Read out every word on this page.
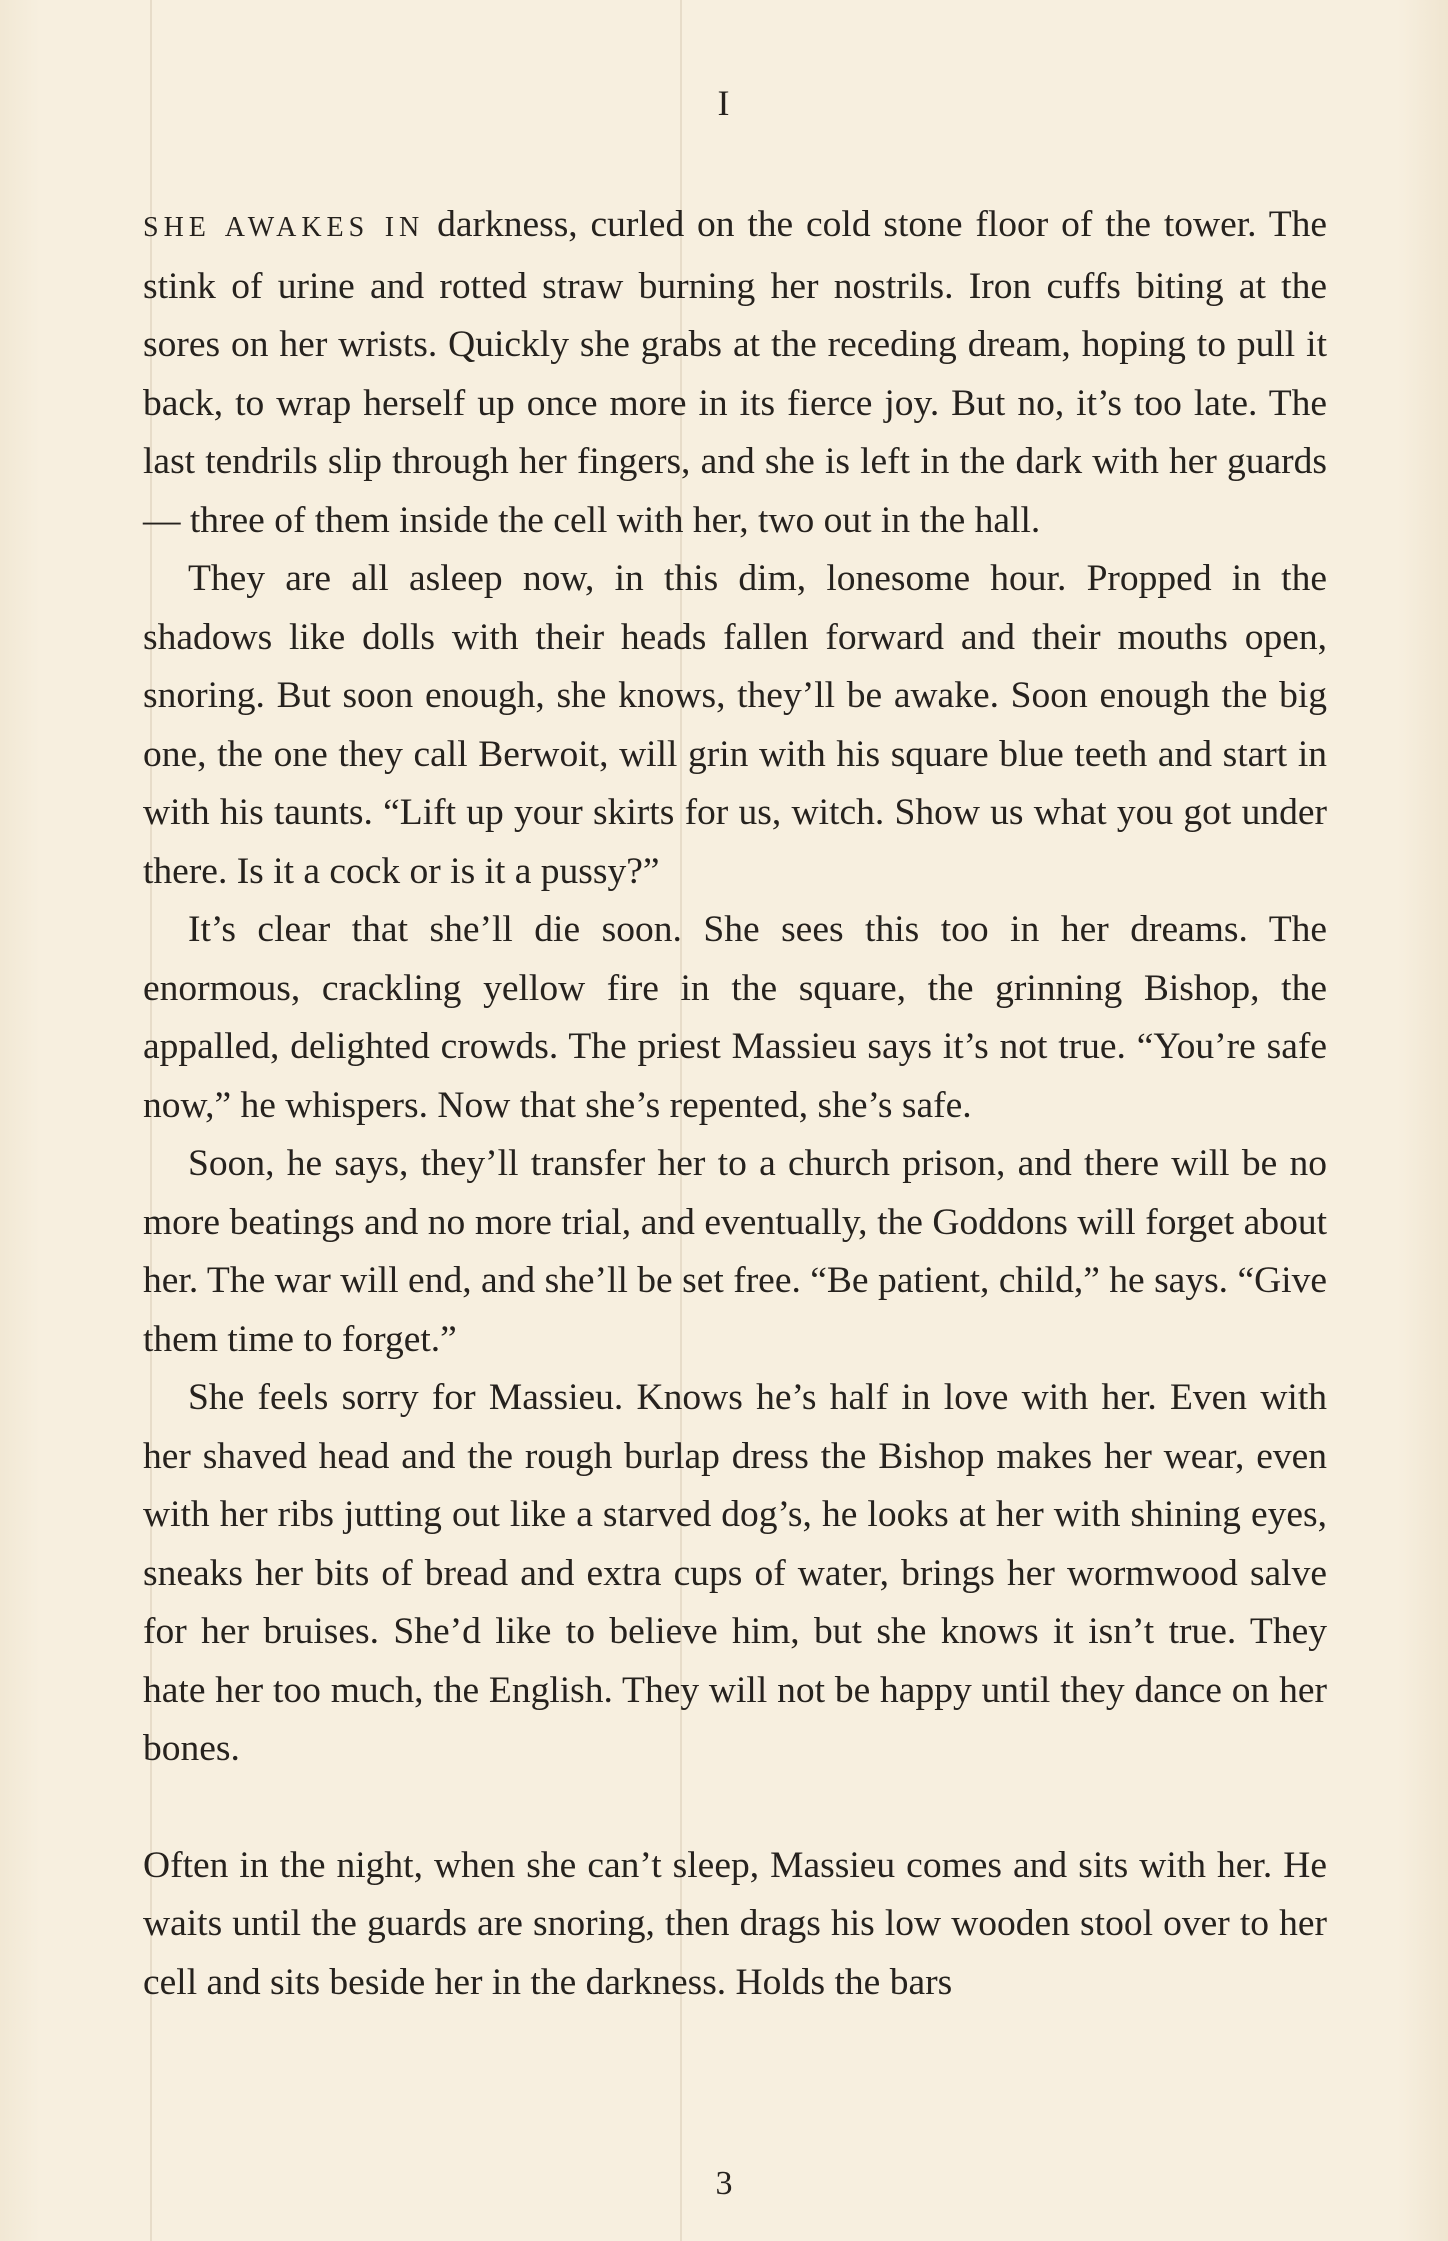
I

SHE AWAKES IN darkness, curled on the cold stone floor of the tower. The stink of urine and rotted straw burning her nostrils. Iron cuffs biting at the sores on her wrists. Quickly she grabs at the receding dream, hoping to pull it back, to wrap herself up once more in its fierce joy. But no, it’s too late. The last tendrils slip through her fingers, and she is left in the dark with her guards — three of them inside the cell with her, two out in the hall.

They are all asleep now, in this dim, lonesome hour. Propped in the shadows like dolls with their heads fallen forward and their mouths open, snoring. But soon enough, she knows, they’ll be awake. Soon enough the big one, the one they call Berwoit, will grin with his square blue teeth and start in with his taunts. “Lift up your skirts for us, witch. Show us what you got under there. Is it a cock or is it a pussy?”

It’s clear that she’ll die soon. She sees this too in her dreams. The enormous, crackling yellow fire in the square, the grinning Bishop, the appalled, delighted crowds. The priest Massieu says it’s not true. “You’re safe now,” he whispers. Now that she’s repented, she’s safe.

Soon, he says, they’ll transfer her to a church prison, and there will be no more beatings and no more trial, and eventually, the Goddons will forget about her. The war will end, and she’ll be set free. “Be patient, child,” he says. “Give them time to forget.”

She feels sorry for Massieu. Knows he’s half in love with her. Even with her shaved head and the rough burlap dress the Bishop makes her wear, even with her ribs jutting out like a starved dog’s, he looks at her with shining eyes, sneaks her bits of bread and extra cups of water, brings her wormwood salve for her bruises. She’d like to believe him, but she knows it isn’t true. They hate her too much, the English. They will not be happy until they dance on her bones.

Often in the night, when she can’t sleep, Massieu comes and sits with her. He waits until the guards are snoring, then drags his low wooden stool over to her cell and sits beside her in the darkness. Holds the bars

3
